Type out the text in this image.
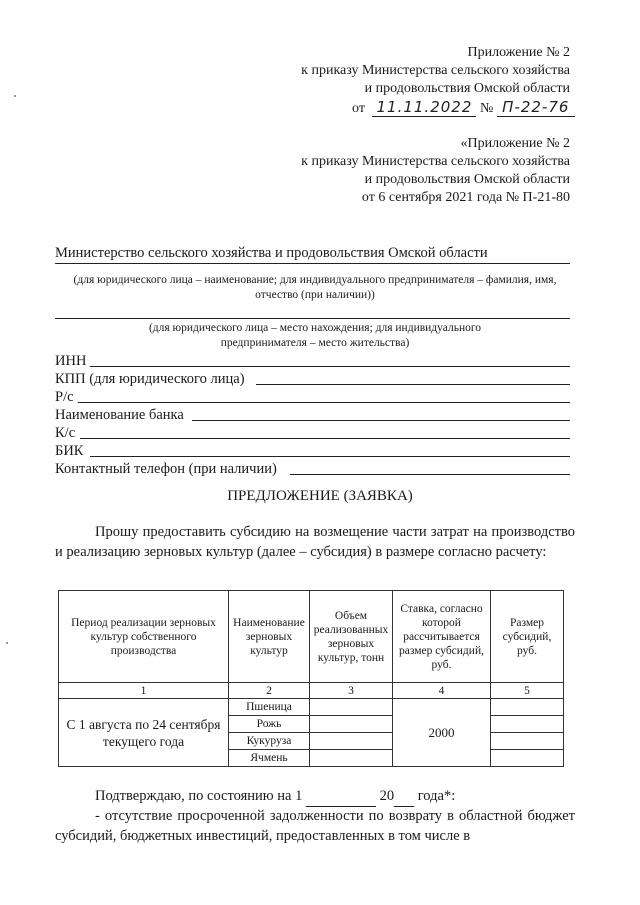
Приложение № 2
к приказу Министерства сельского хозяйства
и продовольствия Омской области
от 11.11.2022 № П-22-76
«Приложение № 2
к приказу Министерства сельского хозяйства
и продовольствия Омской области
от 6 сентября 2021 года № П-21-80
Министерство сельского хозяйства и продовольствия Омской области
(для юридического лица – наименование; для индивидуального предпринимателя – фамилия, имя, отчество (при наличии))
(для юридического лица – место нахождения; для индивидуального предпринимателя – место жительства)
ИНН
КПП (для юридического лица)
Р/с
Наименование банка
К/с
БИК
Контактный телефон (при наличии)
ПРЕДЛОЖЕНИЕ (ЗАЯВКА)
Прошу предоставить субсидию на возмещение части затрат на производство и реализацию зерновых культур (далее – субсидия) в размере согласно расчету:
Период реализации зерновых культур собственного производства	Наименование зерновых культур	Объем реализованных зерновых культур, тонн	Ставка, согласно которой рассчитывается размер субсидий, руб.	Размер субсидий, руб.
1	2	3	4	5
С 1 августа по 24 сентября текущего года	Пшеница		2000	
	Рожь			
	Кукуруза			
	Ячмень			
Подтверждаю, по состоянию на 1	20 года*:
- отсутствие просроченной задолженности по возврату в областной бюджет субсидий, бюджетных инвестиций, предоставленных в том числе в
